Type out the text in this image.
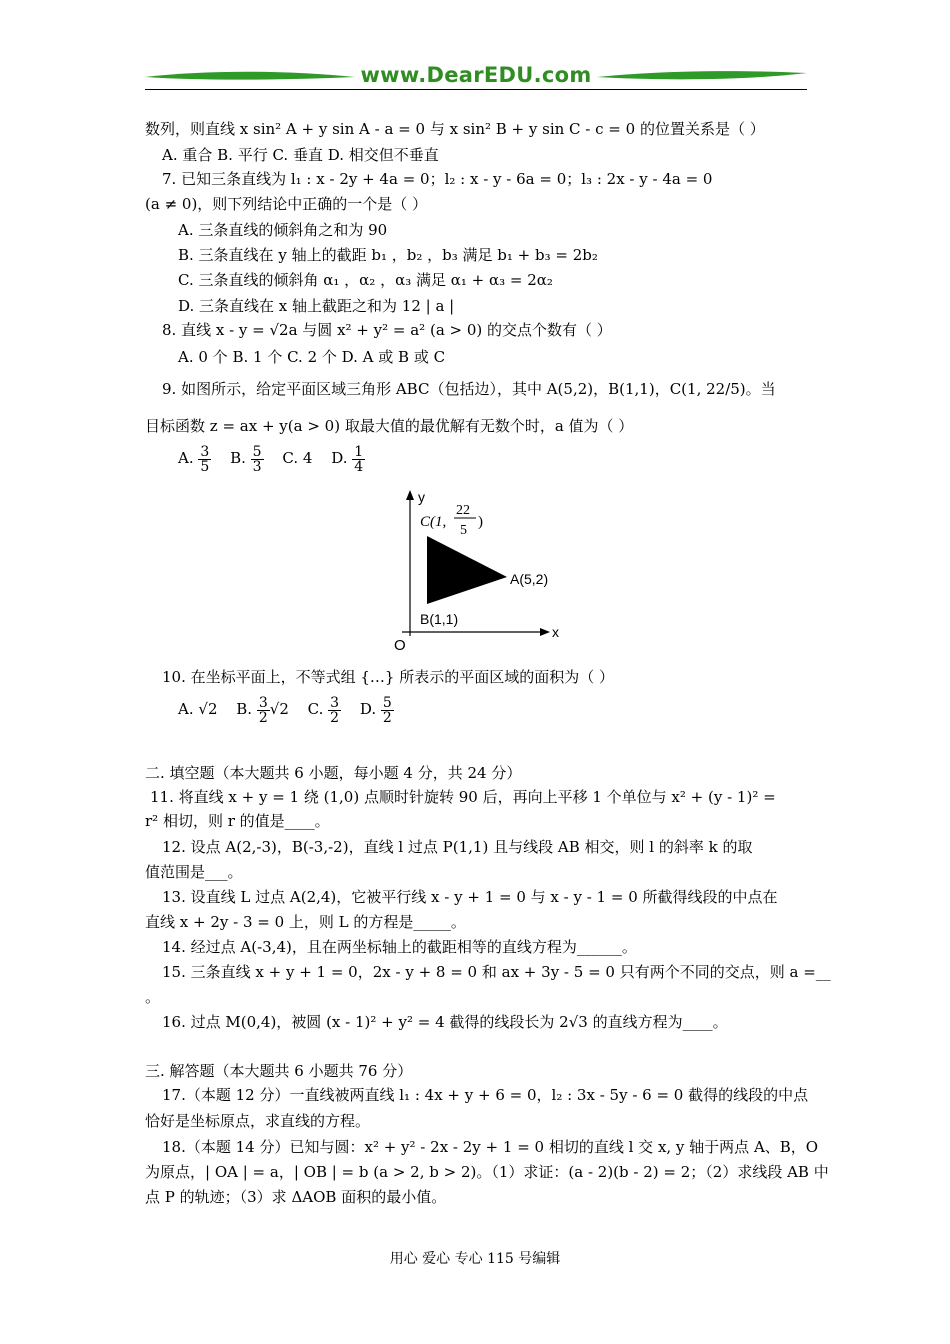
www.DearEDU.com
数列，则直线 x sin² A + y sin A - a = 0 与 x sin² B + y sin C - c = 0 的位置关系是（ ）
A. 重合 B. 平行 C. 垂直 D. 相交但不垂直
7. 已知三条直线为 l₁ : x - 2y + 4a = 0；l₂ : x - y - 6a = 0；l₃ : 2x - y - 4a = 0
(a ≠ 0)，则下列结论中正确的一个是（ ）
A. 三条直线的倾斜角之和为 90
B. 三条直线在 y 轴上的截距 b₁ ，b₂ ，b₃ 满足 b₁ + b₃ = 2b₂
C. 三条直线的倾斜角 α₁ ，α₂ ，α₃ 满足 α₁ + α₃ = 2α₂
D. 三条直线在 x 轴上截距之和为 12 | a |
8. 直线 x - y = √2a 与圆 x² + y² = a² (a > 0) 的交点个数有（ ）
A. 0 个 B. 1 个 C. 2 个 D. A 或 B 或 C
9. 如图所示，给定平面区域三角形 ABC（包括边），其中 A(5,2)，B(1,1)，C(1, 22/5)。当
目标函数 z = ax + y(a > 0) 取最大值的最优解有无数个时，a 值为（ ）
A. $\frac{3}{5} B$. $\frac{5}{3} C$. 4 D. $\frac{1}{4}$
y
x
O
A(5,2)
B(1,1)
C(1,
22
5
)
10. 在坐标平面上，不等式组 {…} 所表示的平面区域的面积为（ ）
A. √2 B. $\frac{3}{2} √2$ C. $\frac{3}{2} D$. $\frac{5}{2}$
二. 填空题（本大题共 6 小题，每小题 4 分，共 24 分）
11. 将直线 x + y = 1 绕 (1,0) 点顺时针旋转 90 后，再向上平移 1 个单位与 x² + (y - 1)² =
r² 相切，则 r 的值是____。
12. 设点 A(2,-3)，B(-3,-2)，直线 l 过点 P(1,1) 且与线段 AB 相交，则 l 的斜率 k 的取
值范围是___。
13. 设直线 L 过点 A(2,4)，它被平行线 x - y + 1 = 0 与 x - y - 1 = 0 所截得线段的中点在
直线 x + 2y - 3 = 0 上，则 L 的方程是_____。
14. 经过点 A(-3,4)，且在两坐标轴上的截距相等的直线方程为______。
15. 三条直线 x + y + 1 = 0，2x - y + 8 = 0 和 ax + 3y - 5 = 0 只有两个不同的交点，则 a =__
。
16. 过点 M(0,4)，被圆 (x - 1)² + y² = 4 截得的线段长为 2√3 的直线方程为____。
三. 解答题（本大题共 6 小题共 76 分）
17.（本题 12 分）一直线被两直线 l₁ : 4x + y + 6 = 0，l₂ : 3x - 5y - 6 = 0 截得的线段的中点
恰好是坐标原点，求直线的方程。
18.（本题 14 分）已知与圆：x² + y² - 2x - 2y + 1 = 0 相切的直线 l 交 x, y 轴于两点 A、B，O
为原点，| OA | = a，| OB | = b (a > 2, b > 2)。（1）求证：(a - 2)(b - 2) = 2；（2）求线段 AB 中
点 P 的轨迹；（3）求 ΔAOB 面积的最小值。
用心 爱心 专心 115 号编辑
